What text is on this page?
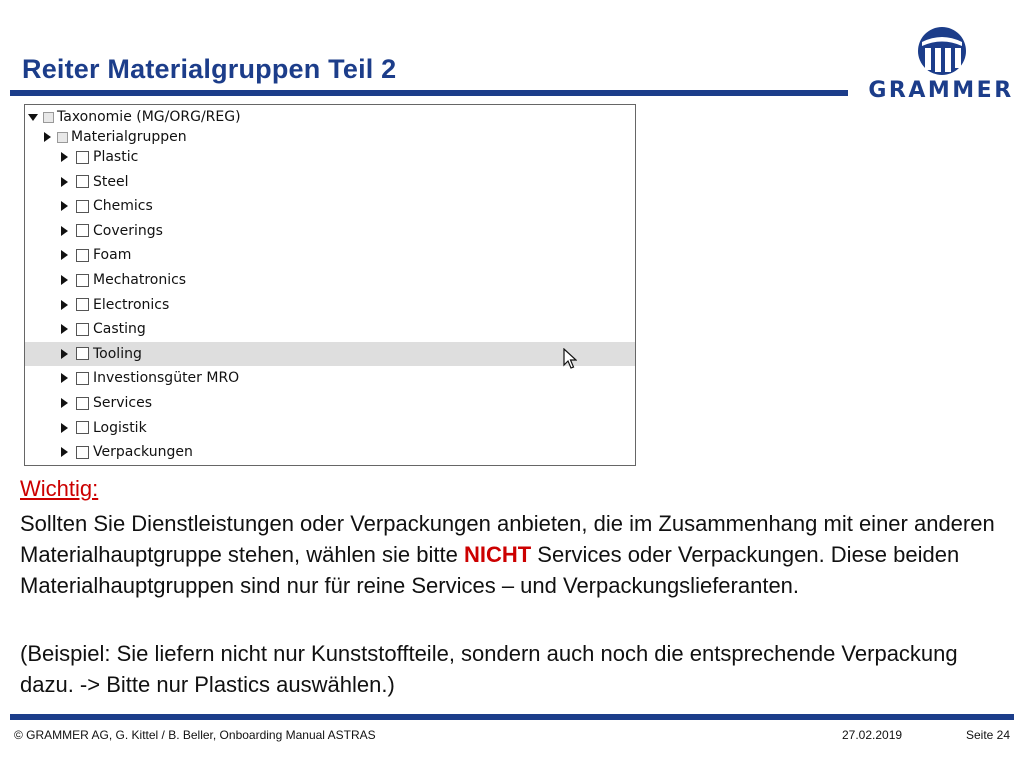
Reiter Materialgruppen Teil 2
GRAMMER
Taxonomie (MG/ORG/REG)
Materialgruppen
Plastic
Steel
Chemics
Coverings
Foam
Mechatronics
Electronics
Casting
Tooling
Investionsgüter MRO
Services
Logistik
Verpackungen
Wichtig:
Sollten Sie Dienstleistungen oder Verpackungen anbieten, die im Zusammenhang mit einer anderen Materialhauptgruppe stehen, wählen sie bitte NICHT Services oder Verpackungen. Diese beiden Materialhauptgruppen sind nur für reine Services – und Verpackungslieferanten.
(Beispiel: Sie liefern nicht nur Kunststoffteile, sondern auch noch die entsprechende Verpackung dazu. -> Bitte nur Plastics auswählen.)
© GRAMMER AG, G. Kittel / B. Beller, Onboarding Manual ASTRAS	27.02.2019	Seite 24
